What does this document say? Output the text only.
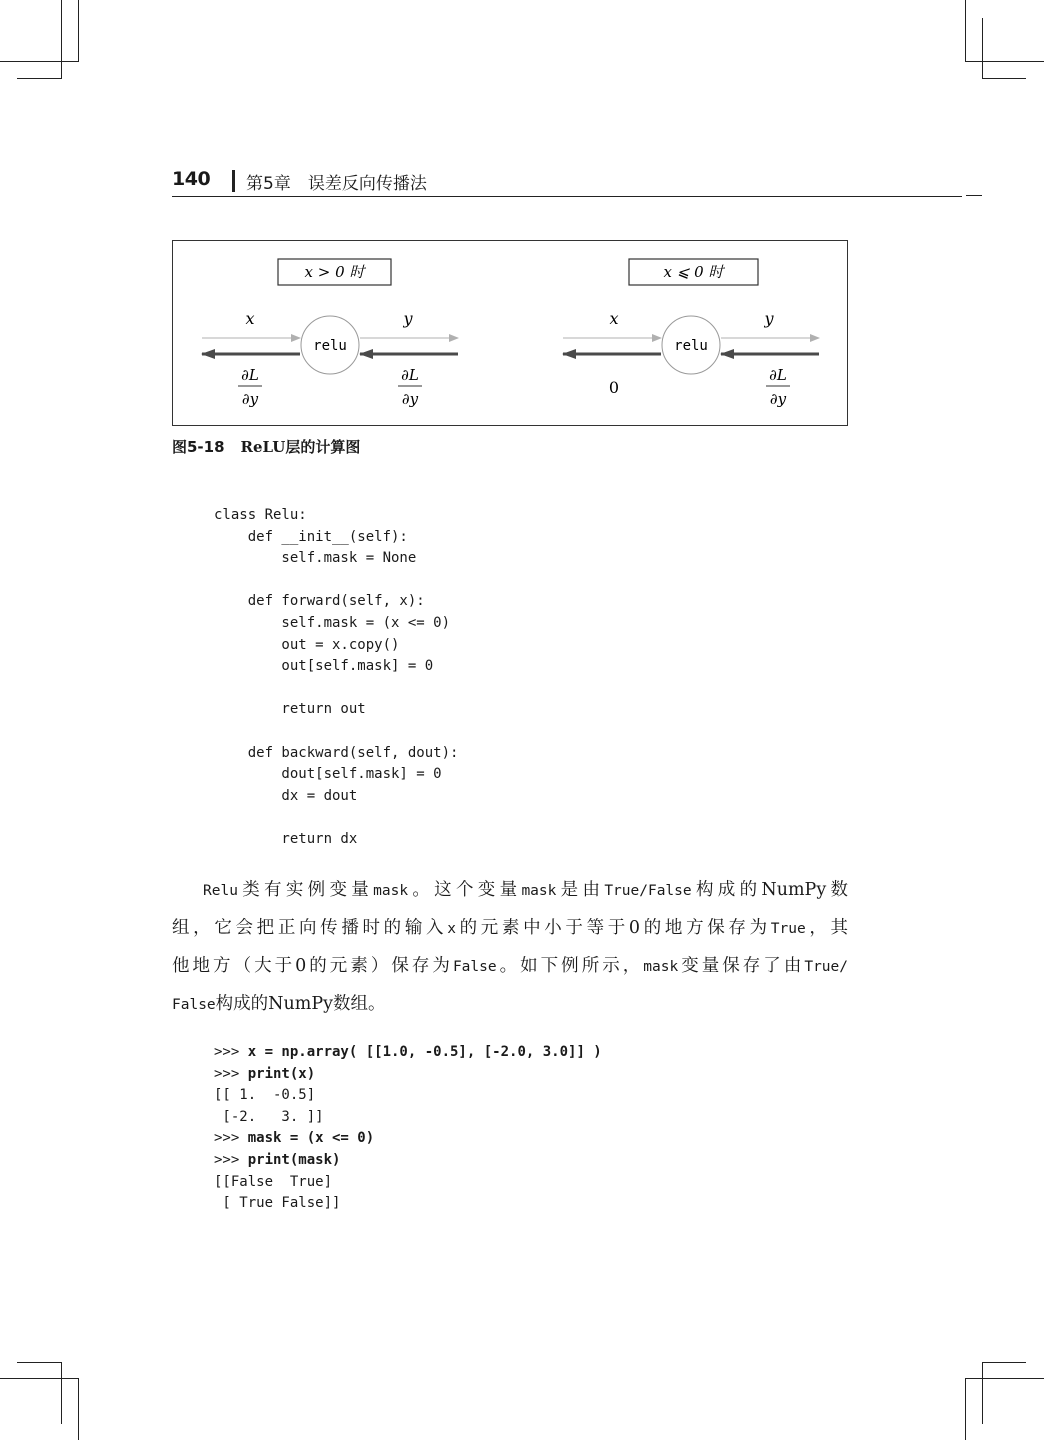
140 第5章　误差反向传播法
x > 0 时
x	y
relu
∂L
∂y
∂L
∂y
x ⩽ 0 时
x	y
relu
0
∂L
∂y
图5-18 ReLU层的计算图
class Relu:
def __init__(self):
self.mask = None
def forward(self, x):
self.mask = (x <= 0)
out = x.copy()
out[self.mask] = 0
return out
def backward(self, dout):
dout[self.mask] = 0
dx = dout
return dx
Relu类有实例变量mask。这个变量mask是由True/False构成的NumPy数
组，它会把正向传播时的输入x的元素中小于等于0的地方保存为True，其
他地方（大于0的元素）保存为False。如下例所示，mask变量保存了由True/
False构成的NumPy数组。
>>> x = np.array( [[1.0, -0.5], [-2.0, 3.0]] )
>>> print(x)
[[ 1.  -0.5]
[-2.   3. ]]
>>> mask = (x <= 0)
>>> print(mask)
[[False  True]
[ True False]]
